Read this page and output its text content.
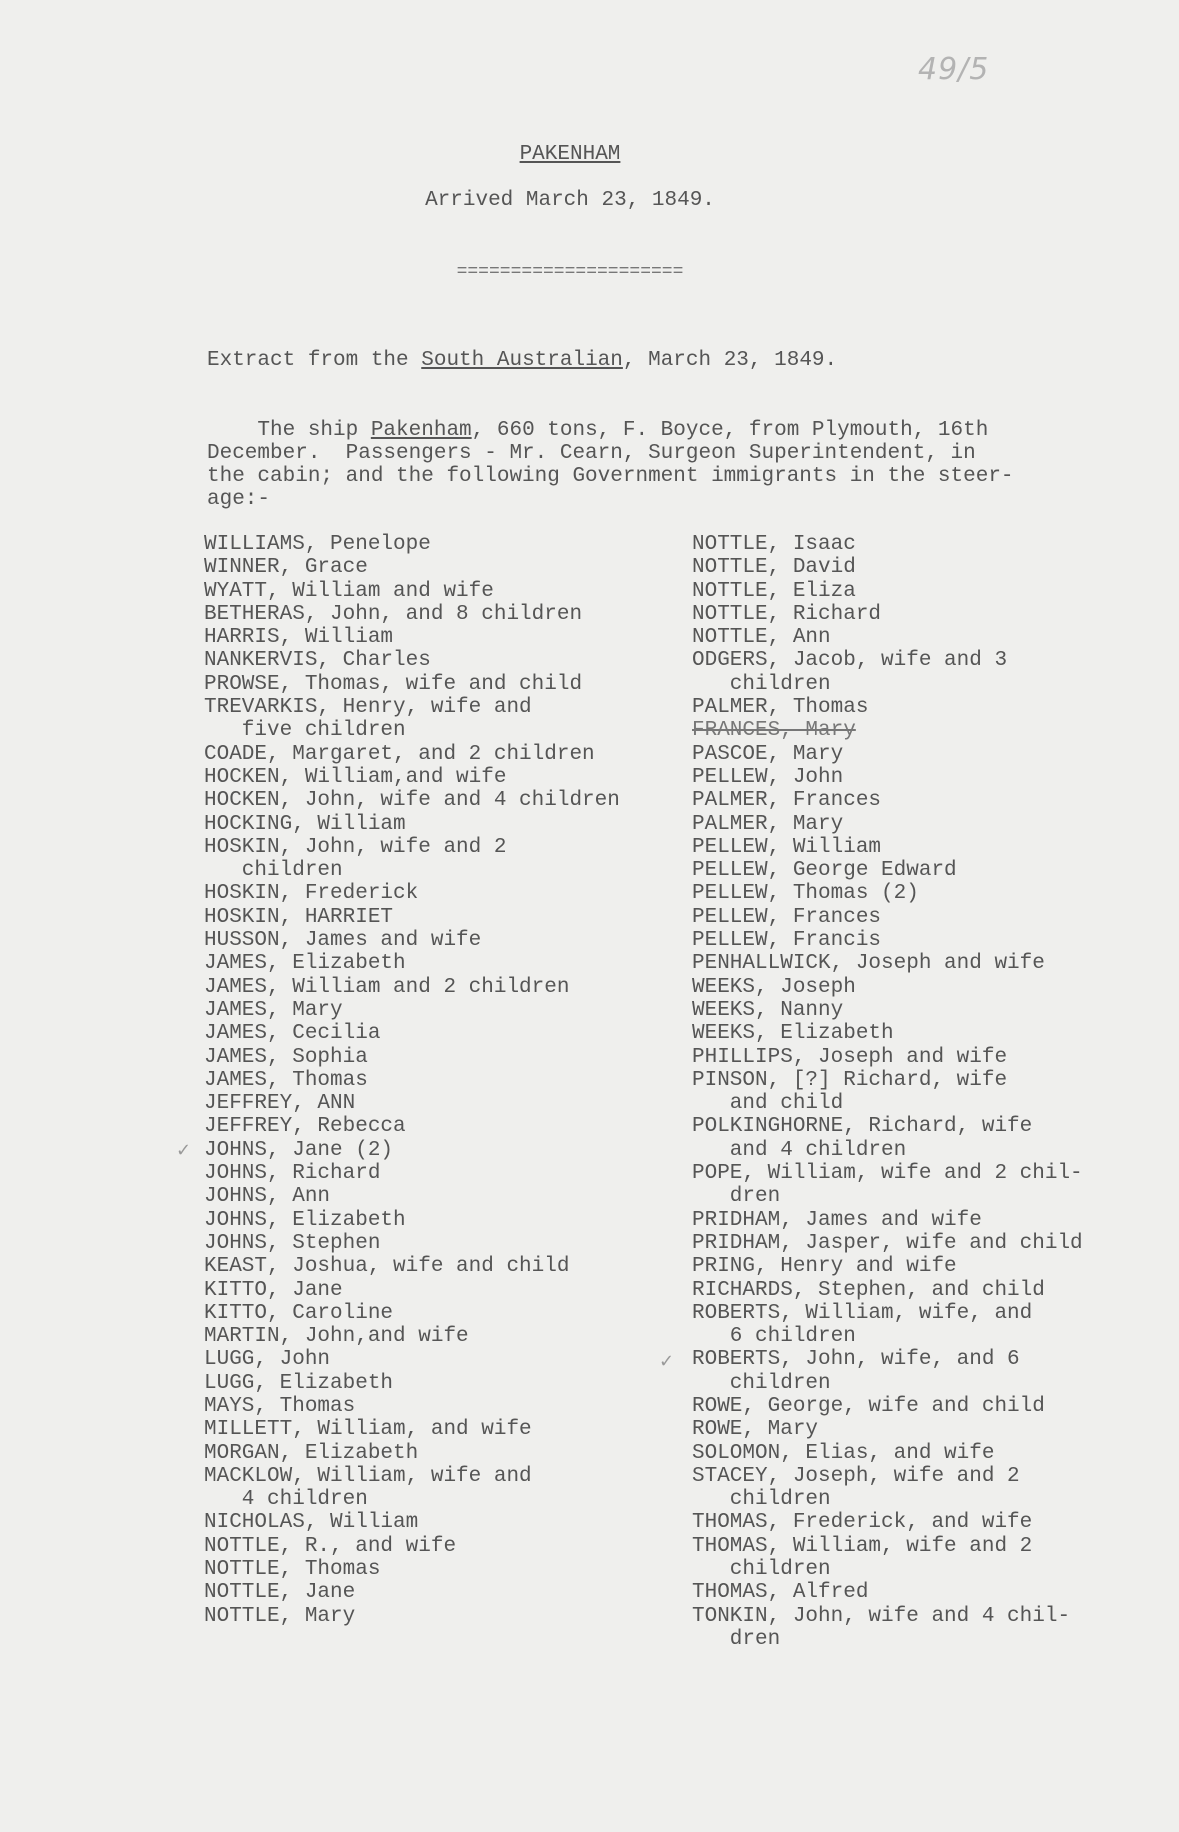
49/5
PAKENHAM
Arrived March 23, 1849.
=====================
Extract from the South Australian, March 23, 1849.

The ship Pakenham, 660 tons, F. Boyce, from Plymouth, 16th

December.  Passengers - Mr. Cearn, Surgeon Superintendent, in

the cabin; and the following Government immigrants in the steer-

age:-

WILLIAMS, Penelope
WINNER, Grace
WYATT, William and wife
BETHERAS, John, and 8 children
HARRIS, William
NANKERVIS, Charles
PROWSE, Thomas, wife and child
TREVARKIS, Henry, wife and
five children
COADE, Margaret, and 2 children
HOCKEN, William,and wife
HOCKEN, John, wife and 4 children
HOCKING, William
HOSKIN, John, wife and 2
children
HOSKIN, Frederick
HOSKIN, HARRIET
HUSSON, James and wife
JAMES, Elizabeth
JAMES, William and 2 children
JAMES, Mary
JAMES, Cecilia
JAMES, Sophia
JAMES, Thomas
JEFFREY, ANN
JEFFREY, Rebecca
JOHNS, Jane (2)
JOHNS, Richard
JOHNS, Ann
JOHNS, Elizabeth
JOHNS, Stephen
KEAST, Joshua, wife and child
KITTO, Jane
KITTO, Caroline
MARTIN, John,and wife
LUGG, John
LUGG, Elizabeth
MAYS, Thomas
MILLETT, William, and wife
MORGAN, Elizabeth
MACKLOW, William, wife and
4 children
NICHOLAS, William
NOTTLE, R., and wife
NOTTLE, Thomas
NOTTLE, Jane
NOTTLE, Mary
NOTTLE, Isaac
NOTTLE, David
NOTTLE, Eliza
NOTTLE, Richard
NOTTLE, Ann
ODGERS, Jacob, wife and 3
children
PALMER, Thomas
FRANCES, Mary
PASCOE, Mary
PELLEW, John
PALMER, Frances
PALMER, Mary
PELLEW, William
PELLEW, George Edward
PELLEW, Thomas (2)
PELLEW, Frances
PELLEW, Francis
PENHALLWICK, Joseph and wife
WEEKS, Joseph
WEEKS, Nanny
WEEKS, Elizabeth
PHILLIPS, Joseph and wife
PINSON, [?] Richard, wife
and child
POLKINGHORNE, Richard, wife
and 4 children
POPE, William, wife and 2 chil-
dren
PRIDHAM, James and wife
PRIDHAM, Jasper, wife and child
PRING, Henry and wife
RICHARDS, Stephen, and child
ROBERTS, William, wife, and
6 children
ROBERTS, John, wife, and 6
children
ROWE, George, wife and child
ROWE, Mary
SOLOMON, Elias, and wife
STACEY, Joseph, wife and 2
children
THOMAS, Frederick, and wife
THOMAS, William, wife and 2
children
THOMAS, Alfred
TONKIN, John, wife and 4 chil-
dren
✓
✓
